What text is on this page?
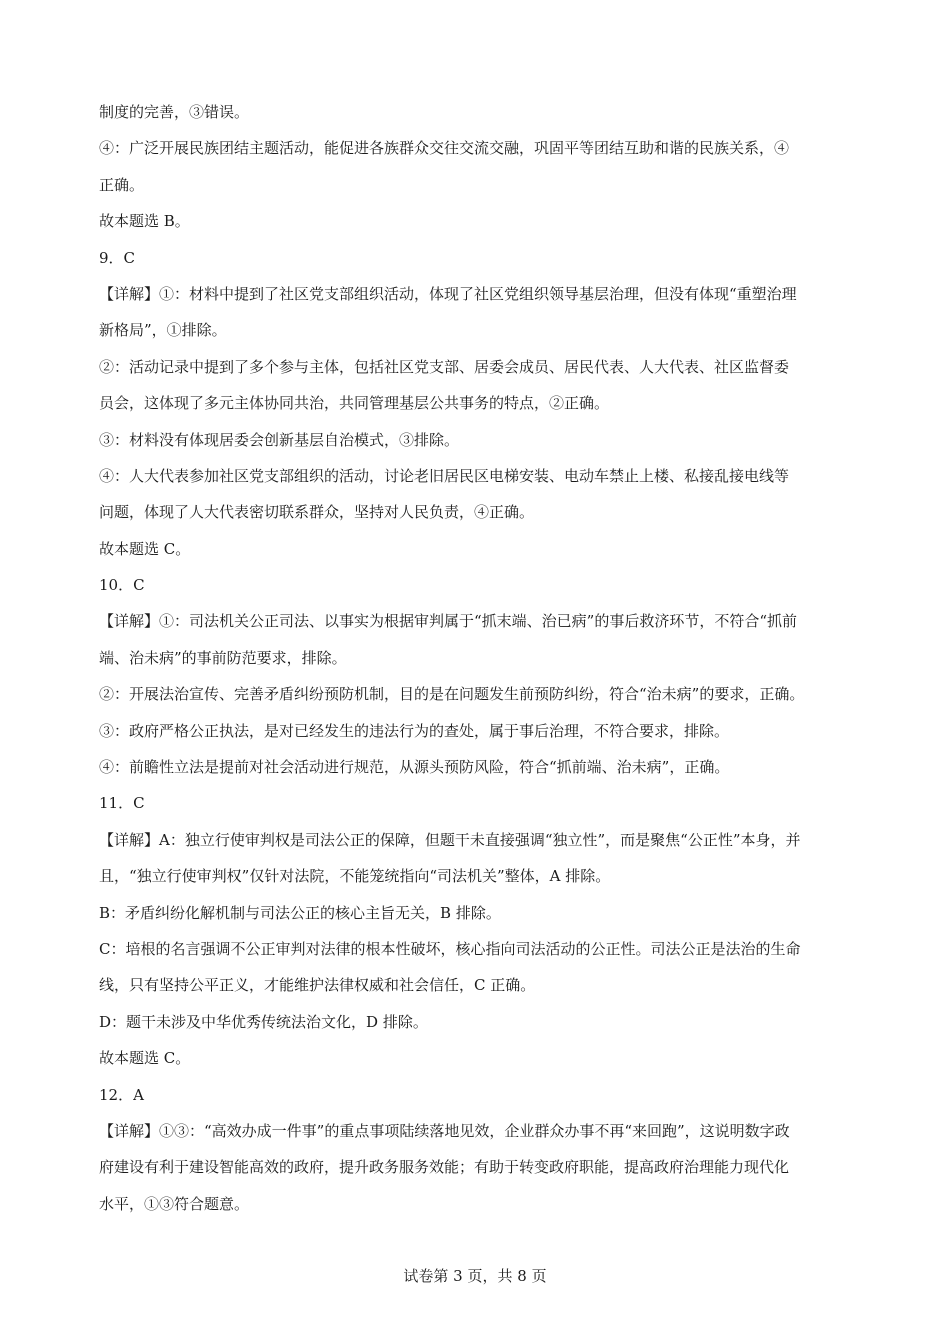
制度的完善，③错误。
④：广泛开展民族团结主题活动，能促进各族群众交往交流交融，巩固平等团结互助和谐的民族关系，④
正确。
故本题选 B。
9．C
【详解】①：材料中提到了社区党支部组织活动，体现了社区党组织领导基层治理，但没有体现“重塑治理
新格局”，①排除。
②：活动记录中提到了多个参与主体，包括社区党支部、居委会成员、居民代表、人大代表、社区监督委
员会，这体现了多元主体协同共治，共同管理基层公共事务的特点，②正确。
③：材料没有体现居委会创新基层自治模式，③排除。
④：人大代表参加社区党支部组织的活动，讨论老旧居民区电梯安装、电动车禁止上楼、私接乱接电线等
问题，体现了人大代表密切联系群众，坚持对人民负责，④正确。
故本题选 C。
10．C
【详解】①：司法机关公正司法、以事实为根据审判属于“抓末端、治已病”的事后救济环节，不符合“抓前
端、治未病”的事前防范要求，排除。
②：开展法治宣传、完善矛盾纠纷预防机制，目的是在问题发生前预防纠纷，符合“治未病”的要求，正确。
③：政府严格公正执法，是对已经发生的违法行为的查处，属于事后治理，不符合要求，排除。
④：前瞻性立法是提前对社会活动进行规范，从源头预防风险，符合“抓前端、治未病”，正确。
11．C
【详解】A：独立行使审判权是司法公正的保障，但题干未直接强调“独立性”，而是聚焦“公正性”本身，并
且，“独立行使审判权”仅针对法院，不能笼统指向“司法机关”整体，A 排除。
B：矛盾纠纷化解机制与司法公正的核心主旨无关，B 排除。
C：培根的名言强调不公正审判对法律的根本性破坏，核心指向司法活动的公正性。司法公正是法治的生命
线，只有坚持公平正义，才能维护法律权威和社会信任，C 正确。
D：题干未涉及中华优秀传统法治文化，D 排除。
故本题选 C。
12．A
【详解】①③：“高效办成一件事”的重点事项陆续落地见效，企业群众办事不再“来回跑”，这说明数字政
府建设有利于建设智能高效的政府，提升政务服务效能；有助于转变政府职能，提高政府治理能力现代化
水平，①③符合题意。
试卷第 3 页，共 8 页
